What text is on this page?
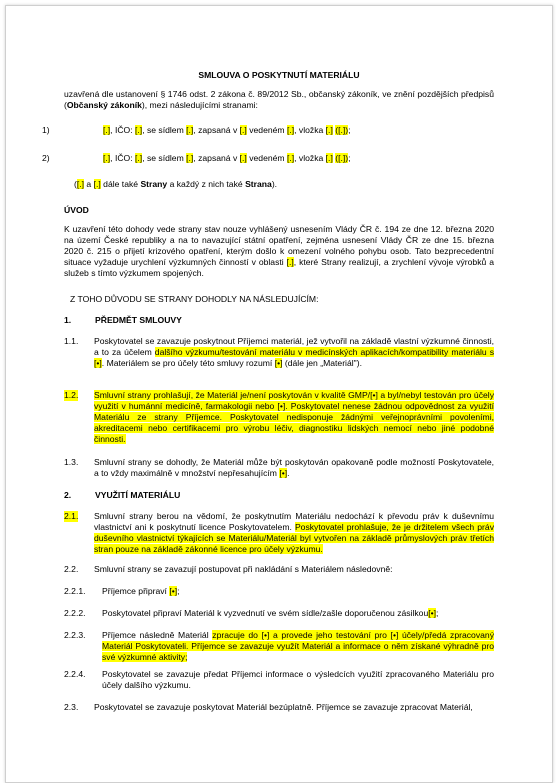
SMLOUVA O POSKYTNUTÍ MATERIÁLU
uzavřená dle ustanovení § 1746 odst. 2 zákona č. 89/2012 Sb., občanský zákoník, ve znění pozdějších předpisů (Občanský zákoník), mezi následujícími stranami:
1)	[.], IČO: [.], se sídlem [.], zapsaná v [.] vedeném [.], vložka [.] ([.]);
2)	[.], IČO: [.], se sídlem [.], zapsaná v [.] vedeném [.], vložka [.] ([.]);
([.] a [.] dále také Strany a každý z nich také Strana).
ÚVOD
K uzavření této dohody vede strany stav nouze vyhlášený usnesením Vlády ČR č. 194 ze dne 12. března 2020 na území České republiky a na to navazující státní opatření, zejména usnesení Vlády ČR ze dne 15. března 2020 č. 215 o přijetí krizového opatření, kterým došlo k omezení volného pohybu osob. Tato bezprecedentní situace vyžaduje urychlení výzkumných činností v oblasti [.], které Strany realizují, a zrychlení vývoje výrobků a služeb s tímto výzkumem spojených.
Z TOHO DŮVODU SE STRANY DOHODLY NA NÁSLEDUJÍCÍM:
1.	PŘEDMĚT SMLOUVY
1.1. Poskytovatel se zavazuje poskytnout Příjemci materiál, jež vytvořil na základě vlastní výzkumné činnosti, a to za účelem dalšího výzkumu/testování materiálu v medicínských aplikacích/kompatibility materiálu s [•]. Materiálem se pro účely této smluvy rozumí [•] (dále jen „Materiál").
1.2. Smluvní strany prohlašují, že Materiál je/není poskytován v kvalitě GMP/[•] a byl/nebyl testován pro účely využití v humánní medicíně, farmakologii nebo [•]. Poskytovatel nenese žádnou odpovědnost za využití Materiálu ze strany Příjemce. Poskytovatel nedisponuje žádnými veřejnoprávními povoleními, akreditacemi nebo certifikacemi pro výrobu léčiv, diagnostiku lidských nemocí nebo jiné podobné činnosti.
1.3. Smluvní strany se dohodly, že Materiál může být poskytován opakovaně podle možností Poskytovatele, a to vždy maximálně v množství nepřesahujícím [•].
2.	VYUŽITÍ MATERIÁLU
2.1. Smluvní strany berou na vědomí, že poskytnutím Materiálu nedochází k převodu práv k duševnímu vlastnictví ani k poskytnutí licence Poskytovatelem. Poskytovatel prohlašuje, že je držitelem všech práv duševního vlastnictví týkajících se Materiálu/Materiál byl vytvořen na základě průmyslových práv třetích stran pouze na základě zákonné licence pro účely výzkumu.
2.2. Smluvní strany se zavazují postupovat při nakládání s Materiálem následovně:
2.2.1. Příjemce připraví [•];
2.2.2. Poskytovatel připraví Materiál k vyzvednutí ve svém sídle/zašle doporučenou zásilkou[•];
2.2.3. Příjemce následně Materiál zpracuje do [•] a provede jeho testování pro [•] účely/předá zpracovaný Materiál Poskytovateli. Příjemce se zavazuje využít Materiál a informace o něm získané výhradně pro své výzkumné aktivity;
2.2.4. Poskytovatel se zavazuje předat Příjemci informace o výsledcích využití zpracovaného Materiálu pro účely dalšího výzkumu.
2.3. Poskytovatel se zavazuje poskytovat Materiál bezúplatně. Příjemce se zavazuje zpracovat Materiál,
